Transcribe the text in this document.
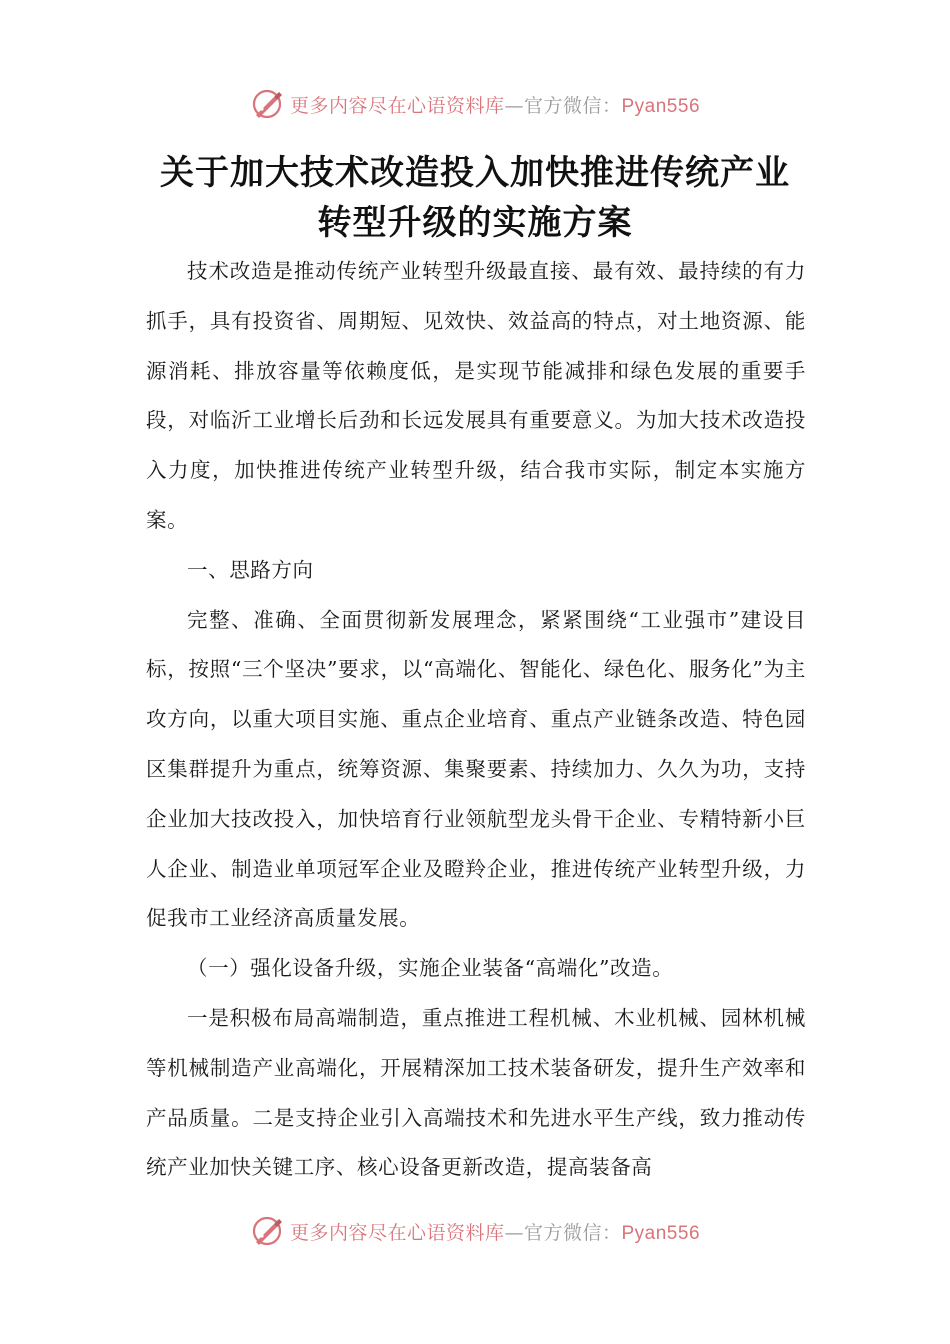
更多内容尽在心语资料库—官方微信：Pyan556
关于加大技术改造投入加快推进传统产业
转型升级的实施方案

技术改造是推动传统产业转型升级最直接、最有效、最持续的有力抓手，具有投资省、周期短、见效快、效益高的特点，对土地资源、能源消耗、排放容量等依赖度低，是实现节能减排和绿色发展的重要手段，对临沂工业增长后劲和长远发展具有重要意义。为加大技术改造投入力度，加快推进传统产业转型升级，结合我市实际，制定本实施方案。

一、思路方向

完整、准确、全面贯彻新发展理念，紧紧围绕“工业强市”建设目标，按照“三个坚决”要求，以“高端化、智能化、绿色化、服务化”为主攻方向，以重大项目实施、重点企业培育、重点产业链条改造、特色园区集群提升为重点，统筹资源、集聚要素、持续加力、久久为功，支持企业加大技改投入，加快培育行业领航型龙头骨干企业、专精特新小巨人企业、制造业单项冠军企业及瞪羚企业，推进传统产业转型升级，力促我市工业经济高质量发展。

（一）强化设备升级，实施企业装备“高端化”改造。

一是积极布局高端制造，重点推进工程机械、木业机械、园林机械等机械制造产业高端化，开展精深加工技术装备研发，提升生产效率和产品质量。二是支持企业引入高端技术和先进水平生产线，致力推动传统产业加快关键工序、核心设备更新改造，提高装备高

更多内容尽在心语资料库—官方微信：Pyan556
